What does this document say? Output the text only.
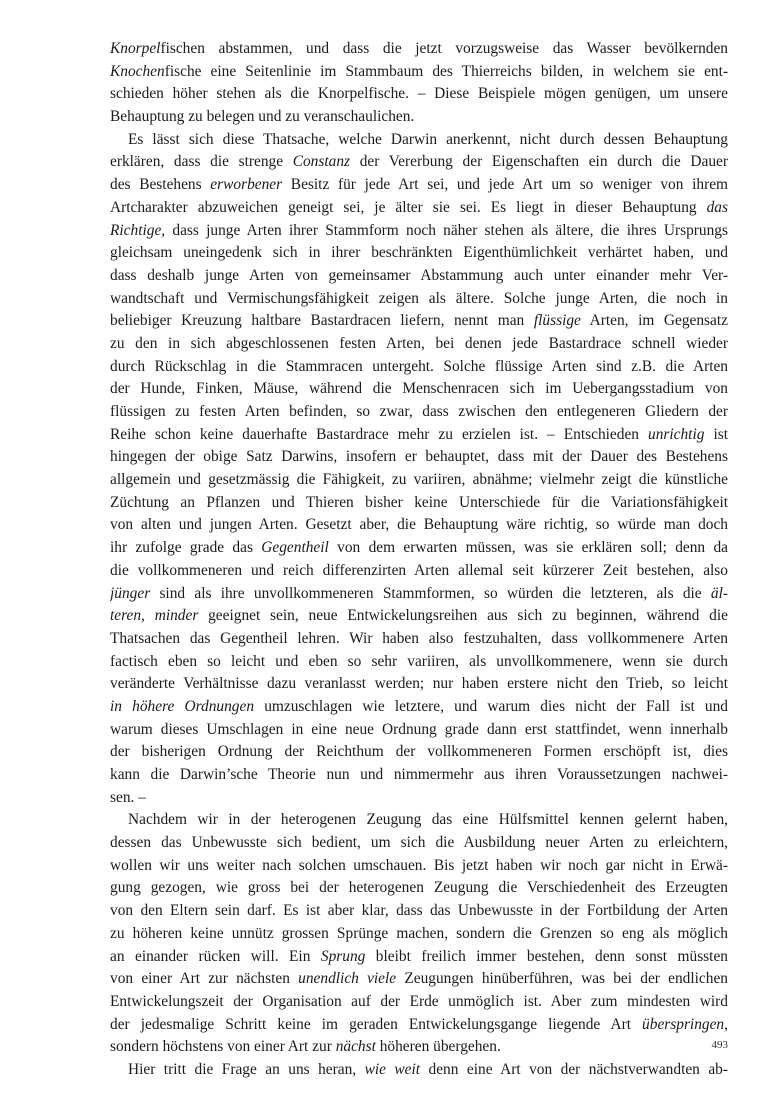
Knorpelfischen abstammen, und dass die jetzt vorzugsweise das Wasser bevölkernden
Knochenfische eine Seitenlinie im Stammbaum des Thierreichs bilden, in welchem sie ent-
schieden höher stehen als die Knorpelfische. – Diese Beispiele mögen genügen, um unsere
Behauptung zu belegen und zu veranschaulichen.
Es lässt sich diese Thatsache, welche Darwin anerkennt, nicht durch dessen Behauptung
erklären, dass die strenge Constanz der Vererbung der Eigenschaften ein durch die Dauer
des Bestehens erworbener Besitz für jede Art sei, und jede Art um so weniger von ihrem
Artcharakter abzuweichen geneigt sei, je älter sie sei. Es liegt in dieser Behauptung das
Richtige, dass junge Arten ihrer Stammform noch näher stehen als ältere, die ihres Ursprungs
gleichsam uneingedenk sich in ihrer beschränkten Eigenthümlichkeit verhärtet haben, und
dass deshalb junge Arten von gemeinsamer Abstammung auch unter einander mehr Ver-
wandtschaft und Vermischungsfähigkeit zeigen als ältere. Solche junge Arten, die noch in
beliebiger Kreuzung haltbare Bastardracen liefern, nennt man flüssige Arten, im Gegensatz
zu den in sich abgeschlossenen festen Arten, bei denen jede Bastardrace schnell wieder
durch Rückschlag in die Stammracen untergeht. Solche flüssige Arten sind z.B. die Arten
der Hunde, Finken, Mäuse, während die Menschenracen sich im Uebergangsstadium von
flüssigen zu festen Arten befinden, so zwar, dass zwischen den entlegeneren Gliedern der
Reihe schon keine dauerhafte Bastardrace mehr zu erzielen ist. – Entschieden unrichtig ist
hingegen der obige Satz Darwins, insofern er behauptet, dass mit der Dauer des Bestehens
allgemein und gesetzmässig die Fähigkeit, zu variiren, abnähme; vielmehr zeigt die künstliche
Züchtung an Pflanzen und Thieren bisher keine Unterschiede für die Variationsfähigkeit
von alten und jungen Arten. Gesetzt aber, die Behauptung wäre richtig, so würde man doch
ihr zufolge grade das Gegentheil von dem erwarten müssen, was sie erklären soll; denn da
die vollkommeneren und reich differenzirten Arten allemal seit kürzerer Zeit bestehen, also
jünger sind als ihre unvollkommeneren Stammformen, so würden die letzteren, als die äl-
teren, minder geeignet sein, neue Entwickelungsreihen aus sich zu beginnen, während die
Thatsachen das Gegentheil lehren. Wir haben also festzuhalten, dass vollkommenere Arten
factisch eben so leicht und eben so sehr variiren, als unvollkommenere, wenn sie durch
veränderte Verhältnisse dazu veranlasst werden; nur haben erstere nicht den Trieb, so leicht
in höhere Ordnungen umzuschlagen wie letztere, und warum dies nicht der Fall ist und
warum dieses Umschlagen in eine neue Ordnung grade dann erst stattfindet, wenn innerhalb
der bisherigen Ordnung der Reichthum der vollkommeneren Formen erschöpft ist, dies
kann die Darwin’sche Theorie nun und nimmermehr aus ihren Voraussetzungen nachwei-
sen. –
Nachdem wir in der heterogenen Zeugung das eine Hülfsmittel kennen gelernt haben,
dessen das Unbewusste sich bedient, um sich die Ausbildung neuer Arten zu erleichtern,
wollen wir uns weiter nach solchen umschauen. Bis jetzt haben wir noch gar nicht in Erwä-
gung gezogen, wie gross bei der heterogenen Zeugung die Verschiedenheit des Erzeugten
von den Eltern sein darf. Es ist aber klar, dass das Unbewusste in der Fortbildung der Arten
zu höheren keine unnütz grossen Sprünge machen, sondern die Grenzen so eng als möglich
an einander rücken will. Ein Sprung bleibt freilich immer bestehen, denn sonst müssten
von einer Art zur nächsten unendlich viele Zeugungen hinüberführen, was bei der endlichen
Entwickelungszeit der Organisation auf der Erde unmöglich ist. Aber zum mindesten wird
der jedesmalige Schritt keine im geraden Entwickelungsgange liegende Art überspringen,
sondern höchstens von einer Art zur nächst höheren übergehen.
Hier tritt die Frage an uns heran, wie weit denn eine Art von der nächstverwandten ab-
493
